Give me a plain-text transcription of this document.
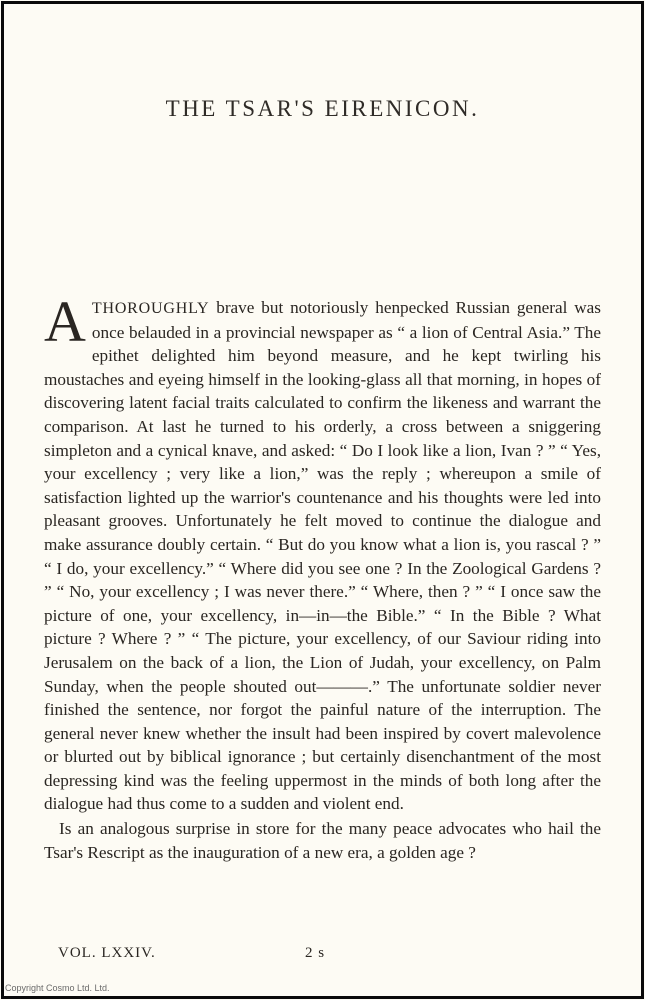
THE TSAR'S EIRENICON.

ATHOROUGHLY brave but notoriously henpecked Russian general was once belauded in a provincial newspaper as “ a lion of Central Asia.” The epithet delighted him beyond measure, and he kept twirling his moustaches and eyeing himself in the looking-glass all that morning, in hopes of discovering latent facial traits calculated to confirm the likeness and warrant the comparison. At last he turned to his orderly, a cross between a sniggering simpleton and a cynical knave, and asked: “ Do I look like a lion, Ivan ? ” “ Yes, your excellency ; very like a lion,” was the reply ; whereupon a smile of satisfaction lighted up the warrior's countenance and his thoughts were led into pleasant grooves. Unfortunately he felt moved to continue the dialogue and make assurance doubly certain. “ But do you know what a lion is, you rascal ? ” “ I do, your excellency.” “ Where did you see one ? In the Zoological Gardens ? ” “ No, your excellency ; I was never there.” “ Where, then ? ” “ I once saw the picture of one, your excellency, in—in—the Bible.” “ In the Bible ? What picture ? Where ? ” “ The picture, your excellency, of our Saviour riding into Jerusalem on the back of a lion, the Lion of Judah, your excellency, on Palm Sunday, when the people shouted out———.” The unfortunate soldier never finished the sentence, nor forgot the painful nature of the interruption. The general never knew whether the insult had been inspired by covert malevolence or blurted out by biblical ignorance ; but certainly disenchantment of the most depressing kind was the feeling uppermost in the minds of both long after the dialogue had thus come to a sudden and violent end.

Is an analogous surprise in store for the many peace advocates who hail the Tsar's Rescript as the inauguration of a new era, a golden age ?

VOL. LXXIV.	2 s
Copyright Cosmo Ltd. Ltd.
